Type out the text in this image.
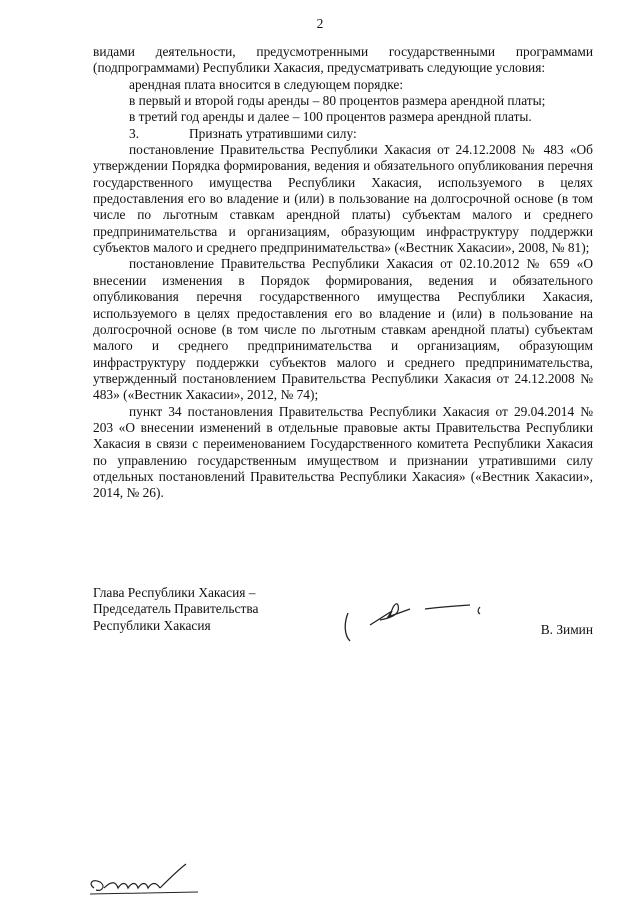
2

видами деятельности, предусмотренными государственными программами (подпрограммами) Республики Хакасия, предусматривать следующие условия:

арендная плата вносится в следующем порядке:

в первый и второй годы аренды – 80 процентов размера арендной платы;

в третий год аренды и далее – 100 процентов размера арендной платы.

3.	Признать утратившими силу:

постановление Правительства Республики Хакасия от 24.12.2008 № 483 «Об утверждении Порядка формирования, ведения и обязательного опубликования перечня государственного имущества Республики Хакасия, используемого в целях предоставления его во владение и (или) в пользование на долгосрочной основе (в том числе по льготным ставкам арендной платы) субъектам малого и среднего предпринимательства и организациям, образующим инфраструктуру поддержки субъектов малого и среднего предпринимательства» («Вестник Хакасии», 2008, № 81);

постановление Правительства Республики Хакасия от 02.10.2012 № 659 «О внесении изменения в Порядок формирования, ведения и обязательного опубликования перечня государственного имущества Республики Хакасия, используемого в целях предоставления его во владение и (или) в пользование на долгосрочной основе (в том числе по льготным ставкам арендной платы) субъектам малого и среднего предпринимательства и организациям, образующим инфраструктуру поддержки субъектов малого и среднего предпринимательства, утвержденный постановлением Правительства Республики Хакасия от 24.12.2008 № 483» («Вестник Хакасии», 2012, № 74);

пункт 34 постановления Правительства Республики Хакасия от 29.04.2014 № 203 «О внесении изменений в отдельные правовые акты Правительства Республики Хакасия в связи с переименованием Государственного комитета Республики Хакасия по управлению государственным имуществом и признании утратившими силу отдельных постановлений Правительства Республики Хакасия» («Вестник Хакасии», 2014, № 26).

Глава Республики Хакасия –
Председатель Правительства
Республики Хакасия	В. Зимин
